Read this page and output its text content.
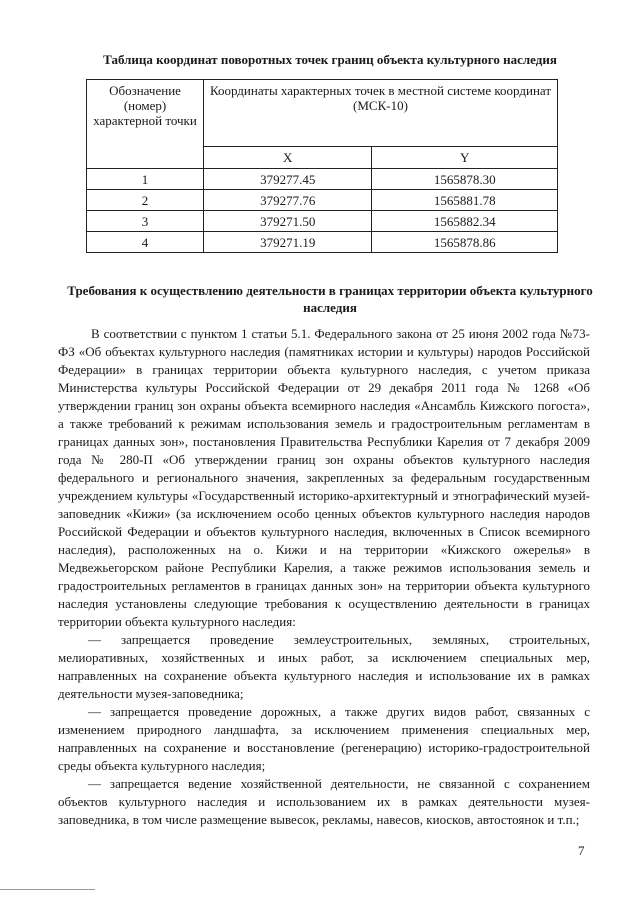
Таблица координат поворотных точек границ объекта культурного наследия
Обозначение (номер) характерной точки	Координаты характерных точек в местной системе координат (МСК-10)	
	X	Y
1	379277.45	1565878.30
2	379277.76	1565881.78
3	379271.50	1565882.34
4	379271.19	1565878.86
Требования к осуществлению деятельности в границах территории объекта культурного наследия

В соответствии с пунктом 1 статьи 5.1. Федерального закона от 25 июня 2002 года №73-ФЗ «Об объектах культурного наследия (памятниках истории и культуры) народов Российской Федерации» в границах территории объекта культурного наследия, с учетом приказа Министерства культуры Российской Федерации от 29 декабря 2011 года № 1268 «Об утверждении границ зон охраны объекта всемирного наследия «Ансамбль Кижского погоста», а также требований к режимам использования земель и градостроительным регламентам в границах данных зон», постановления Правительства Республики Карелия от 7 декабря 2009 года № 280-П «Об утверждении границ зон охраны объектов культурного наследия федерального и регионального значения, закрепленных за федеральным государственным учреждением культуры «Государственный историко-архитектурный и этнографический музей-заповедник «Кижи» (за исключением особо ценных объектов культурного наследия народов Российской Федерации и объектов культурного наследия, включенных в Список всемирного наследия), расположенных на о. Кижи и на территории «Кижского ожерелья» в Медвежьегорском районе Республики Карелия, а также режимов использования земель и градостроительных регламентов в границах данных зон» на территории объекта культурного наследия установлены следующие требования к осуществлению деятельности в границах территории объекта культурного наследия:

— запрещается проведение землеустроительных, земляных, строительных, мелиоративных, хозяйственных и иных работ, за исключением специальных мер, направленных на сохранение объекта культурного наследия и использование их в рамках деятельности музея-заповедника;

— запрещается проведение дорожных, а также других видов работ, связанных с изменением природного ландшафта, за исключением применения специальных мер, направленных на сохранение и восстановление (регенерацию) историко-градостроительной среды объекта культурного наследия;

— запрещается ведение хозяйственной деятельности, не связанной с сохранением объектов культурного наследия и использованием их в рамках деятельности музея-заповедника, в том числе размещение вывесок, рекламы, навесов, киосков, автостоянок и т.п.;

7
